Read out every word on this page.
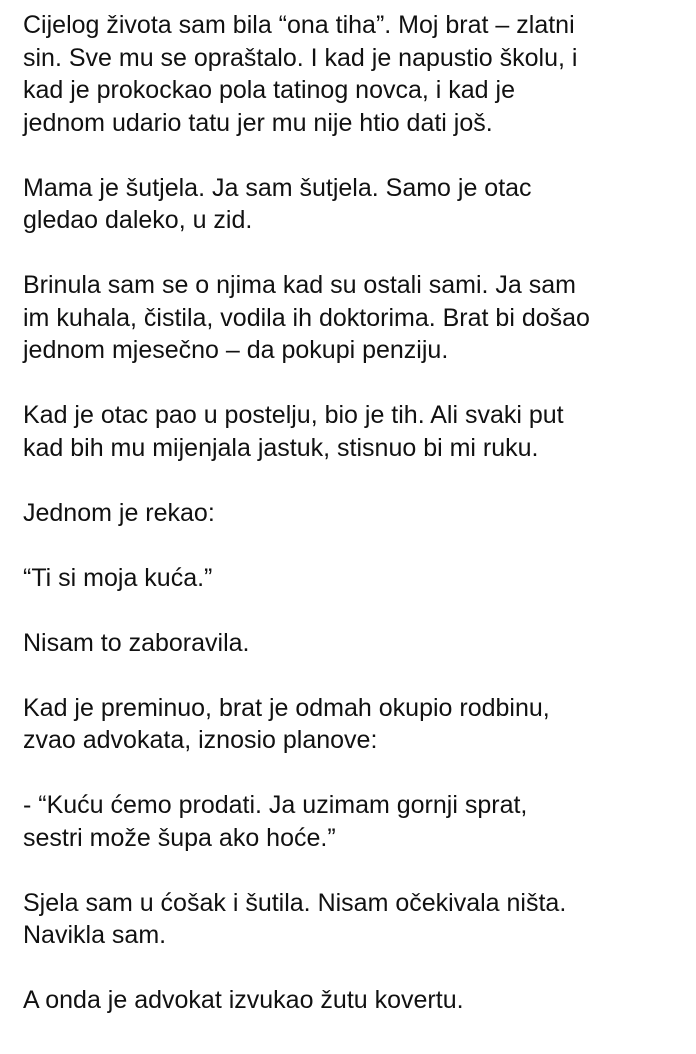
Cijelog života sam bila “ona tiha”. Moj brat – zlatni
sin. Sve mu se opraštalo. I kad je napustio školu, i
kad je prokockao pola tatinog novca, i kad je
jednom udario tatu jer mu nije htio dati još.

Mama je šutjela. Ja sam šutjela. Samo je otac
gledao daleko, u zid.

Brinula sam se o njima kad su ostali sami. Ja sam
im kuhala, čistila, vodila ih doktorima. Brat bi došao
jednom mjesečno – da pokupi penziju.

Kad je otac pao u postelju, bio je tih. Ali svaki put
kad bih mu mijenjala jastuk, stisnuo bi mi ruku.

Jednom je rekao:

“Ti si moja kuća.”

Nisam to zaboravila.

Kad je preminuo, brat je odmah okupio rodbinu,
zvao advokata, iznosio planove:

- “Kuću ćemo prodati. Ja uzimam gornji sprat,
sestri može šupa ako hoće.”

Sjela sam u ćošak i šutila. Nisam očekivala ništa.
Navikla sam.

A onda je advokat izvukao žutu kovertu.
